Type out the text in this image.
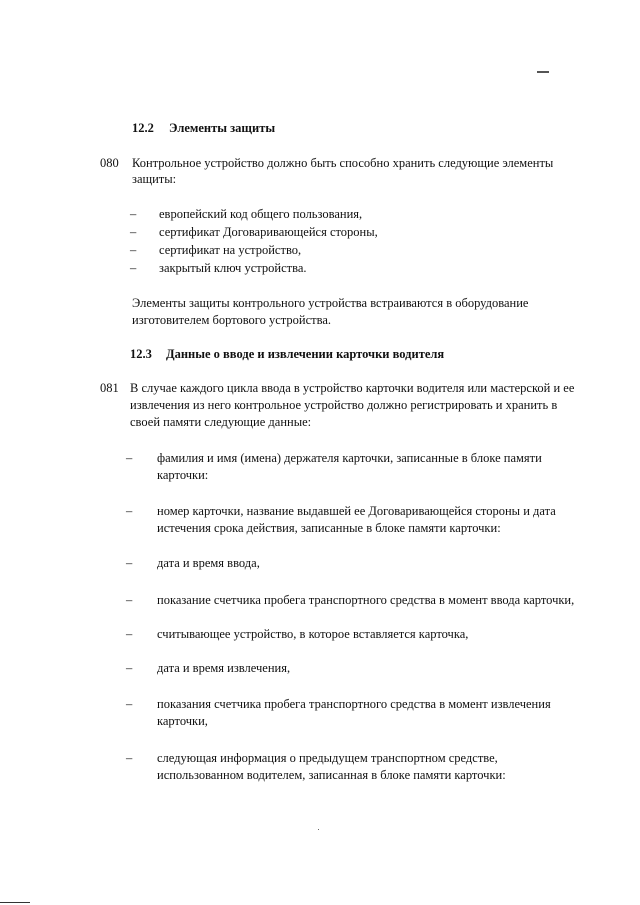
12.2 Элементы защиты
080 Контрольное устройство должно быть способно хранить следующие элементы
защиты:
– европейский код общего пользования,
– сертификат Договаривающейся стороны,
– сертификат на устройство,
– закрытый ключ устройства.
Элементы защиты контрольного устройства встраиваются в оборудование
изготовителем бортового устройства.
12.3 Данные о вводе и извлечении карточки водителя
081 В случае каждого цикла ввода в устройство карточки водителя или мастерской и ее
извлечения из него контрольное устройство должно регистрировать и хранить в
своей памяти следующие данные:
– фамилия и имя (имена) держателя карточки, записанные в блоке памяти
карточки:
– номер карточки, название выдавшей ее Договаривающейся стороны и дата
истечения срока действия, записанные в блоке памяти карточки:
– дата и время ввода,
– показание счетчика пробега транспортного средства в момент ввода карточки,
– считывающее устройство, в которое вставляется карточка,
– дата и время извлечения,
– показания счетчика пробега транспортного средства в момент извлечения
карточки,
– следующая информация о предыдущем транспортном средстве,
использованном водителем, записанная в блоке памяти карточки:
